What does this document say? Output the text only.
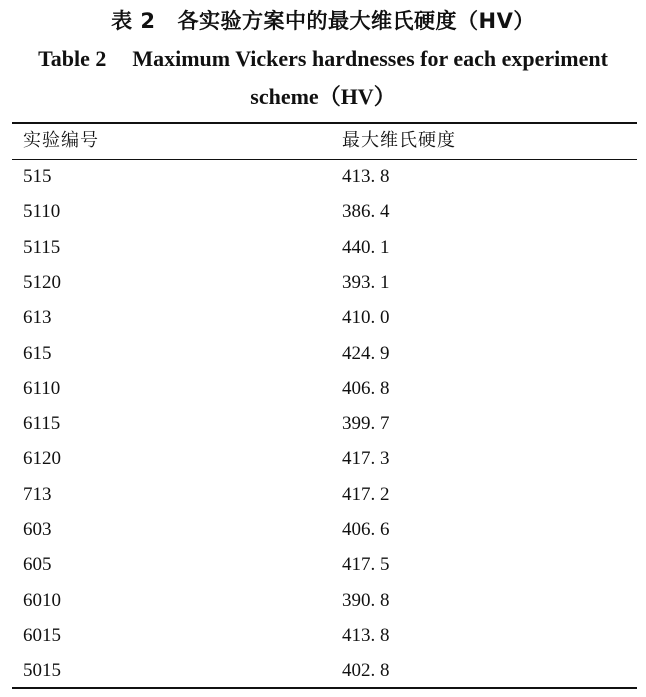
表 2 各实验方案中的最大维氏硬度（HV）
Table 2 Maximum Vickers hardnesses for each experiment
scheme（HV）
实验编号	最大维氏硬度
515	413. 8
5110	386. 4
5115	440. 1
5120	393. 1
613	410. 0
615	424. 9
6110	406. 8
6115	399. 7
6120	417. 3
713	417. 2
603	406. 6
605	417. 5
6010	390. 8
6015	413. 8
5015	402. 8
